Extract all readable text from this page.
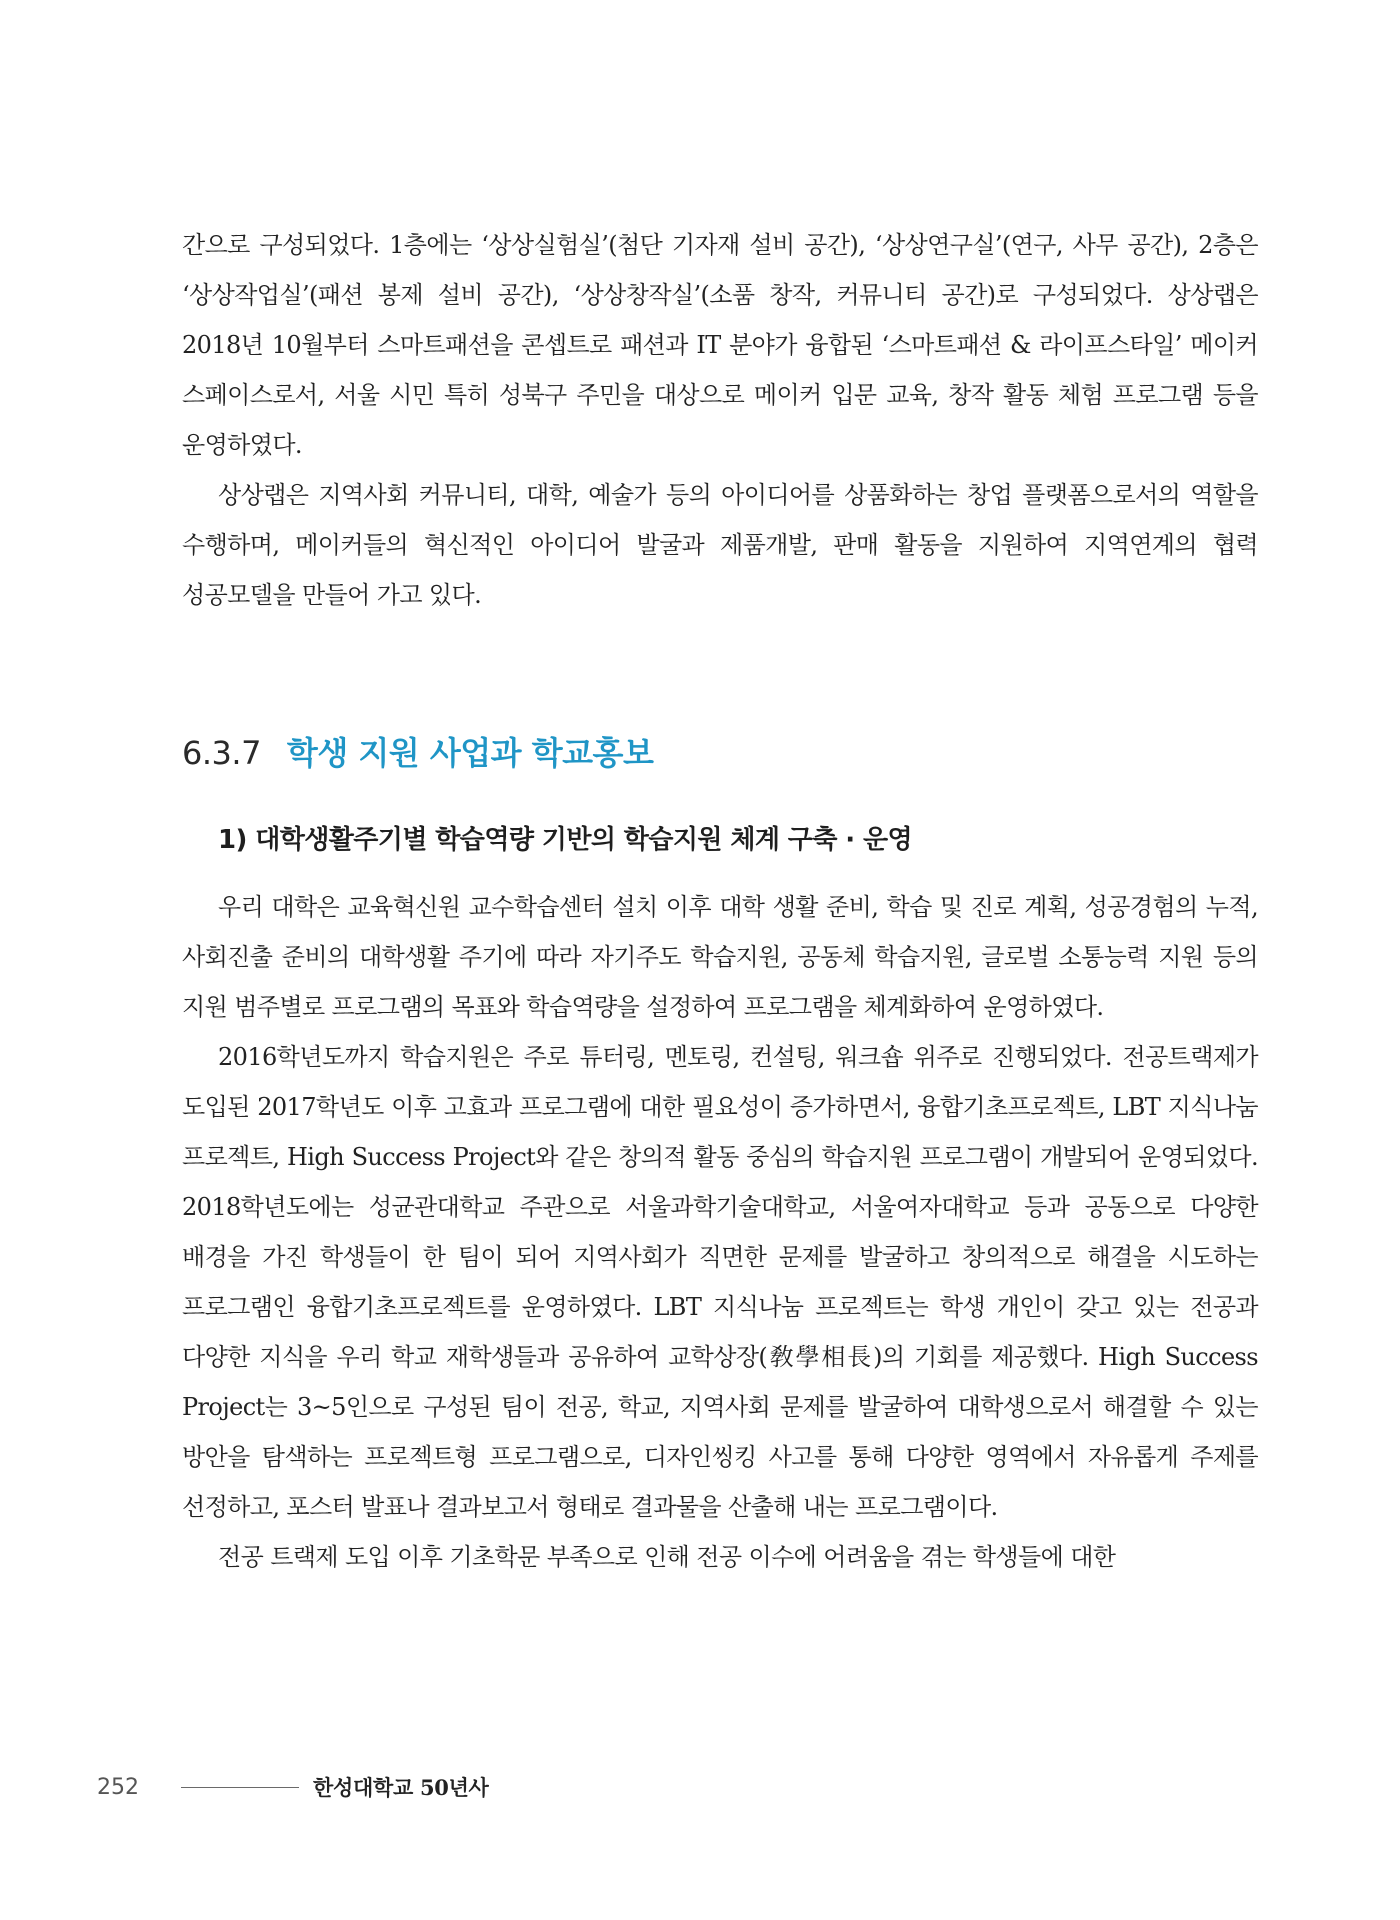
간으로 구성되었다. 1층에는 ‘상상실험실’(첨단 기자재 설비 공간), ‘상상연구실’(연구, 사무 공간), 2층은 ‘상상작업실’(패션 봉제 설비 공간), ‘상상창작실’(소품 창작, 커뮤니티 공간)로 구성되었다. 상상랩은 2018년 10월부터 스마트패션을 콘셉트로 패션과 IT 분야가 융합된 ‘스마트패션 & 라이프스타일’ 메이커 스페이스로서, 서울 시민 특히 성북구 주민을 대상으로 메이커 입문 교육, 창작 활동 체험 프로그램 등을 운영하였다.

상상랩은 지역사회 커뮤니티, 대학, 예술가 등의 아이디어를 상품화하는 창업 플랫폼으로서의 역할을 수행하며, 메이커들의 혁신적인 아이디어 발굴과 제품개발, 판매 활동을 지원하여 지역연계의 협력 성공모델을 만들어 가고 있다.

6.3.7 학생 지원 사업과 학교홍보
1) 대학생활주기별 학습역량 기반의 학습지원 체계 구축 · 운영

우리 대학은 교육혁신원 교수학습센터 설치 이후 대학 생활 준비, 학습 및 진로 계획, 성공경험의 누적, 사회진출 준비의 대학생활 주기에 따라 자기주도 학습지원, 공동체 학습지원, 글로벌 소통능력 지원 등의 지원 범주별로 프로그램의 목표와 학습역량을 설정하여 프로그램을 체계화하여 운영하였다.

2016학년도까지 학습지원은 주로 튜터링, 멘토링, 컨설팅, 워크숍 위주로 진행되었다. 전공트랙제가 도입된 2017학년도 이후 고효과 프로그램에 대한 필요성이 증가하면서, 융합기초프로젝트, LBT 지식나눔 프로젝트, High Success Project와 같은 창의적 활동 중심의 학습지원 프로그램이 개발되어 운영되었다. 2018학년도에는 성균관대학교 주관으로 서울과학기술대학교, 서울여자대학교 등과 공동으로 다양한 배경을 가진 학생들이 한 팀이 되어 지역사회가 직면한 문제를 발굴하고 창의적으로 해결을 시도하는 프로그램인 융합기초프로젝트를 운영하였다. LBT 지식나눔 프로젝트는 학생 개인이 갖고 있는 전공과 다양한 지식을 우리 학교 재학생들과 공유하여 교학상장(敎學相長)의 기회를 제공했다. High Success Project는 3~5인으로 구성된 팀이 전공, 학교, 지역사회 문제를 발굴하여 대학생으로서 해결할 수 있는 방안을 탐색하는 프로젝트형 프로그램으로, 디자인씽킹 사고를 통해 다양한 영역에서 자유롭게 주제를 선정하고, 포스터 발표나 결과보고서 형태로 결과물을 산출해 내는 프로그램이다.

전공 트랙제 도입 이후 기초학문 부족으로 인해 전공 이수에 어려움을 겪는 학생들에 대한

252	한성대학교 50년사
